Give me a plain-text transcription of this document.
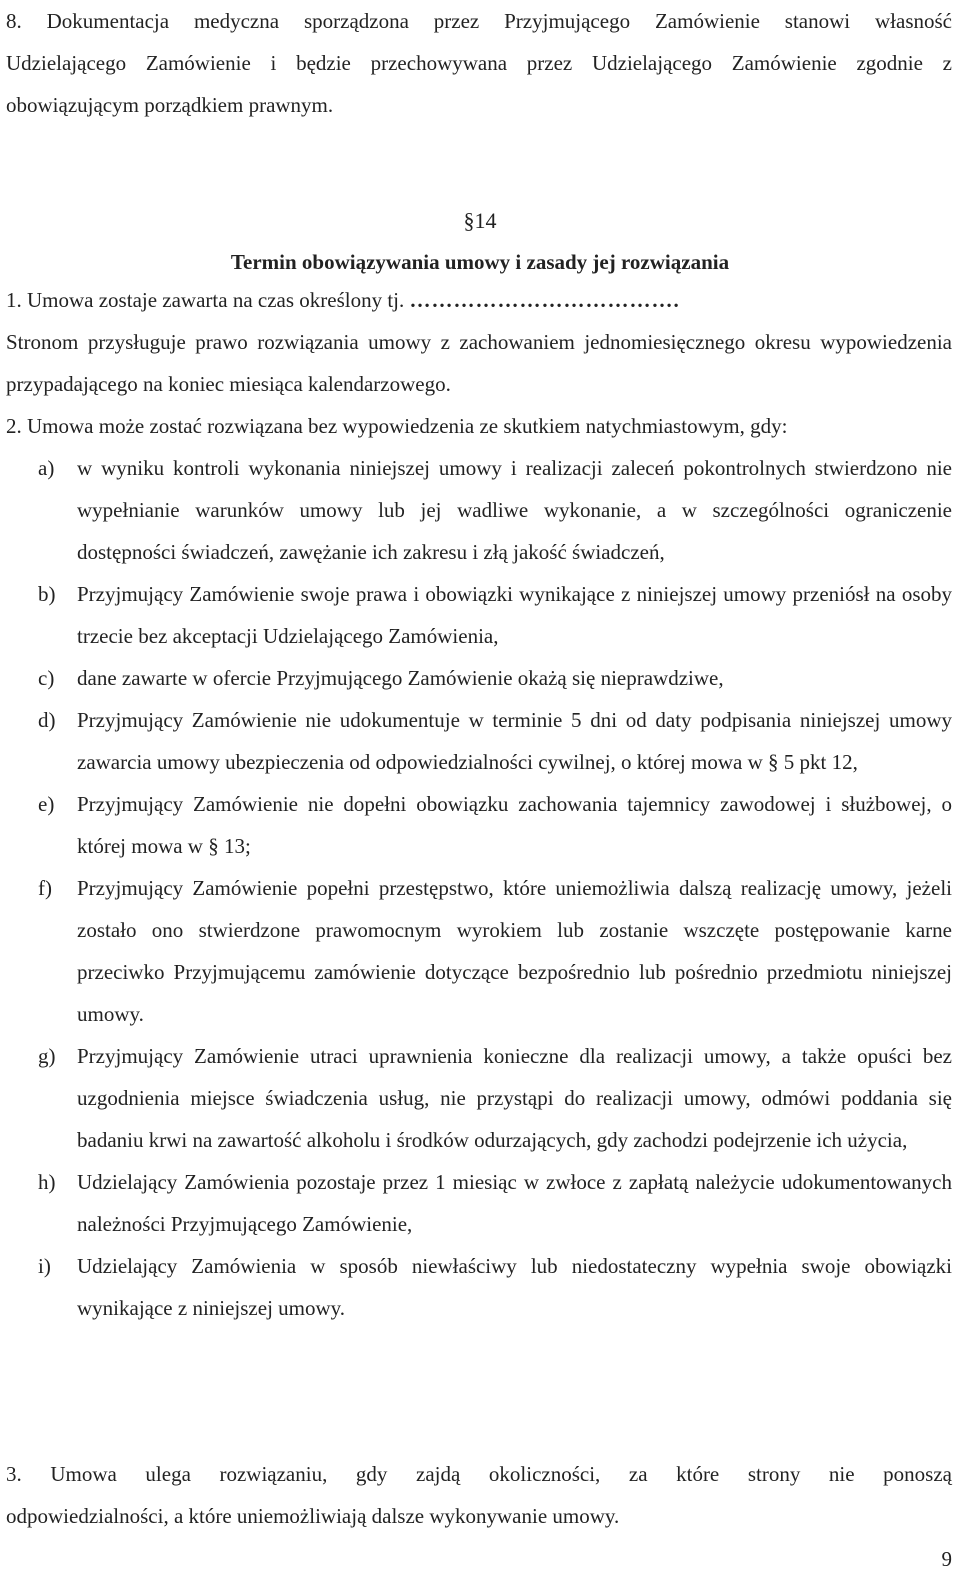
8. Dokumentacja medyczna sporządzona przez Przyjmującego Zamówienie stanowi własność
Udzielającego Zamówienie i będzie przechowywana przez Udzielającego Zamówienie zgodnie z
obowiązującym porządkiem prawnym.
§14
Termin obowiązywania umowy i zasady jej rozwiązania
1. Umowa zostaje zawarta na czas określony tj. ……………………………….
Stronom przysługuje prawo rozwiązania umowy z zachowaniem jednomiesięcznego okresu wypowiedzenia przypadającego na koniec miesiąca kalendarzowego.
2. Umowa może zostać rozwiązana bez wypowiedzenia ze skutkiem natychmiastowym, gdy:
a) w wyniku kontroli wykonania niniejszej umowy i realizacji zaleceń pokontrolnych stwierdzono nie wypełnianie warunków umowy lub jej wadliwe wykonanie, a w szczególności ograniczenie dostępności świadczeń, zawężanie ich zakresu i złą jakość świadczeń,
b) Przyjmujący Zamówienie swoje prawa i obowiązki wynikające z niniejszej umowy przeniósł na osoby trzecie bez akceptacji Udzielającego Zamówienia,
c) dane zawarte w ofercie Przyjmującego Zamówienie okażą się nieprawdziwe,
d) Przyjmujący Zamówienie nie udokumentuje w terminie 5 dni od daty podpisania niniejszej umowy zawarcia umowy ubezpieczenia od odpowiedzialności cywilnej, o której mowa w § 5 pkt 12,
e) Przyjmujący Zamówienie nie dopełni obowiązku zachowania tajemnicy zawodowej i służbowej, o której mowa w § 13;
f) Przyjmujący Zamówienie popełni przestępstwo, które uniemożliwia dalszą realizację umowy, jeżeli zostało ono stwierdzone prawomocnym wyrokiem lub zostanie wszczęte postępowanie karne przeciwko Przyjmującemu zamówienie dotyczące bezpośrednio lub pośrednio przedmiotu niniejszej umowy.
g) Przyjmujący Zamówienie utraci uprawnienia konieczne dla realizacji umowy, a także opuści bez uzgodnienia miejsce świadczenia usług, nie przystąpi do realizacji umowy, odmówi poddania się badaniu krwi na zawartość alkoholu i środków odurzających, gdy zachodzi podejrzenie ich użycia,
h) Udzielający Zamówienia pozostaje przez 1 miesiąc w zwłoce z zapłatą należycie udokumentowanych należności Przyjmującego Zamówienie,
i) Udzielający Zamówienia w sposób niewłaściwy lub niedostateczny wypełnia swoje obowiązki wynikające z niniejszej umowy.
3. Umowa ulega rozwiązaniu, gdy zajdą okoliczności, za które strony nie ponoszą
odpowiedzialności, a które uniemożliwiają dalsze wykonywanie umowy.
9
